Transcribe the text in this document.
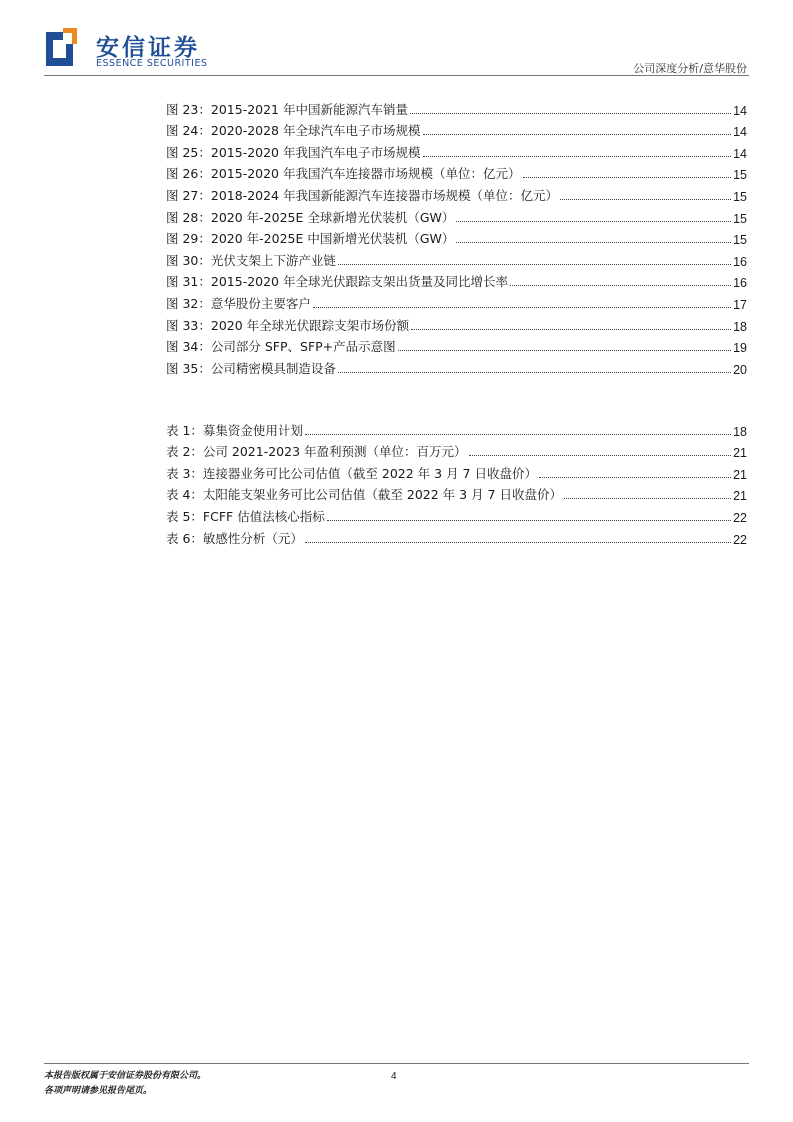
安信证券
ESSENCE SECURITIES	公司深度分析/意华股份
图 23：2015-2021 年中国新能源汽车销量	14
图 24：2020-2028 年全球汽车电子市场规模	14
图 25：2015-2020 年我国汽车电子市场规模	14
图 26：2015-2020 年我国汽车连接器市场规模（单位：亿元）	15
图 27：2018-2024 年我国新能源汽车连接器市场规模（单位：亿元）	15
图 28：2020 年-2025E 全球新增光伏装机（GW）	15
图 29：2020 年-2025E 中国新增光伏装机（GW）	15
图 30：光伏支架上下游产业链	16
图 31：2015-2020 年全球光伏跟踪支架出货量及同比增长率	16
图 32：意华股份主要客户	17
图 33：2020 年全球光伏跟踪支架市场份额	18
图 34：公司部分 SFP、SFP+产品示意图	19
图 35：公司精密模具制造设备	20
表 1：募集资金使用计划	18
表 2：公司 2021-2023 年盈利预测（单位：百万元）	21
表 3：连接器业务可比公司估值（截至 2022 年 3 月 7 日收盘价）	21
表 4：太阳能支架业务可比公司估值（截至 2022 年 3 月 7 日收盘价）	21
表 5：FCFF 估值法核心指标	22
表 6：敏感性分析（元）	22
本报告版权属于安信证券股份有限公司。
各项声明请参见报告尾页。
4
